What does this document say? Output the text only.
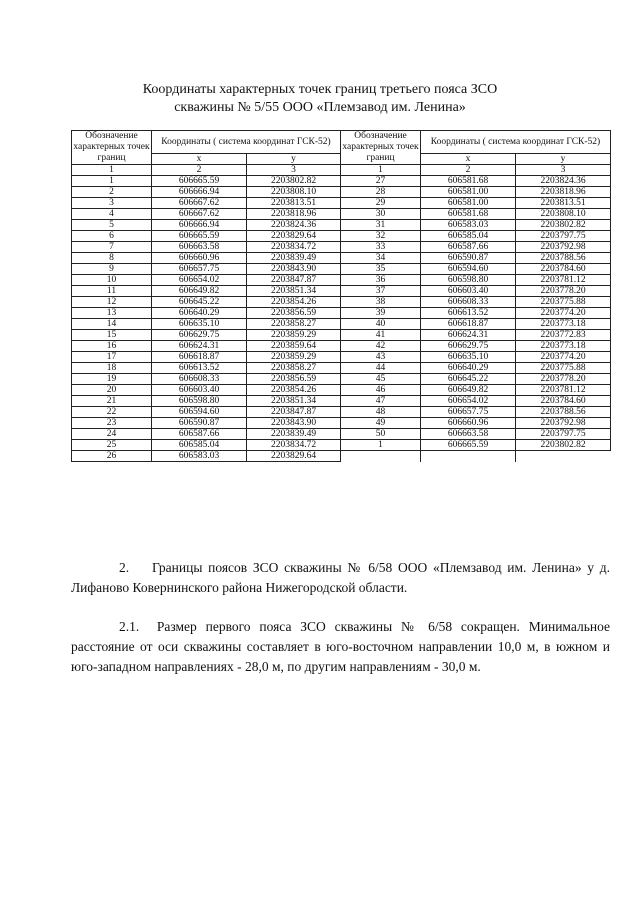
Координаты характерных точек границ третьего пояса ЗСО
скважины № 5/55 ООО «Племзавод им. Ленина»
Обозначение характерных точек границ	Координаты ( система координат ГСК-52)		Обозначение характерных точек границ	Координаты ( система координат ГСК-52)	
	x	y		x	y
1	2	3	1	2	3
1	606665.59	2203802.82	27	606581.68	2203824.36
2	606666.94	2203808.10	28	606581.00	2203818.96
3	606667.62	2203813.51	29	606581.00	2203813.51
4	606667.62	2203818.96	30	606581.68	2203808.10
5	606666.94	2203824.36	31	606583.03	2203802.82
6	606665.59	2203829.64	32	606585.04	2203797.75
7	606663.58	2203834.72	33	606587.66	2203792.98
8	606660.96	2203839.49	34	606590.87	2203788.56
9	606657.75	2203843.90	35	606594.60	2203784.60
10	606654.02	2203847.87	36	606598.80	2203781.12
11	606649.82	2203851.34	37	606603.40	2203778.20
12	606645.22	2203854.26	38	606608.33	2203775.88
13	606640.29	2203856.59	39	606613.52	2203774.20
14	606635.10	2203858.27	40	606618.87	2203773.18
15	606629.75	2203859.29	41	606624.31	2203772.83
16	606624.31	2203859.64	42	606629.75	2203773.18
17	606618.87	2203859.29	43	606635.10	2203774.20
18	606613.52	2203858.27	44	606640.29	2203775.88
19	606608.33	2203856.59	45	606645.22	2203778.20
20	606603.40	2203854.26	46	606649.82	2203781.12
21	606598.80	2203851.34	47	606654.02	2203784.60
22	606594.60	2203847.87	48	606657.75	2203788.56
23	606590.87	2203843.90	49	606660.96	2203792.98
24	606587.66	2203839.49	50	606663.58	2203797.75
25	606585.04	2203834.72	1	606665.59	2203802.82
26	606583.03	2203829.64			
2. Границы поясов ЗСО скважины № 6/58 ООО «Племзавод им. Ленина» у д. Лифаново Ковернинского района Нижегородской области.
2.1. Размер первого пояса ЗСО скважины № 6/58 сокращен. Минимальное расстояние от оси скважины составляет в юго-восточном направлении 10,0 м, в южном и юго-западном направлениях - 28,0 м, по другим направлениям - 30,0 м.
